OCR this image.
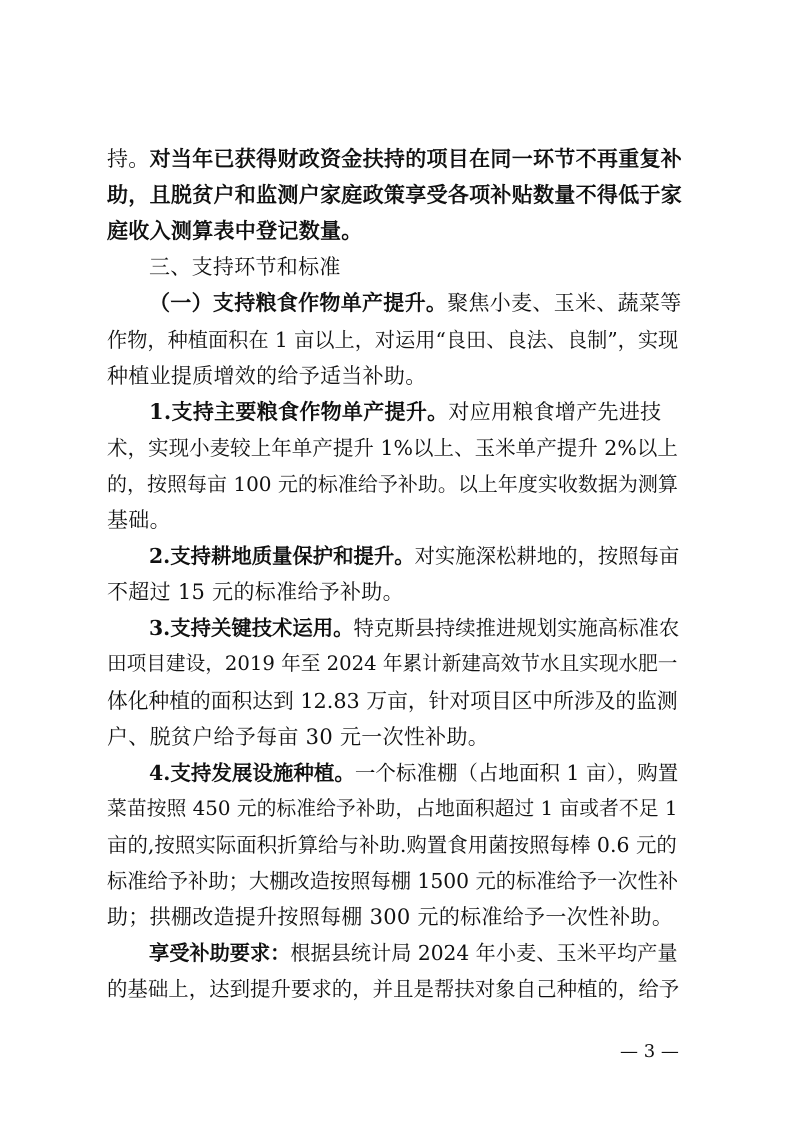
持。对当年已获得财政资金扶持的项目在同一环节不再重复补
助，且脱贫户和监测户家庭政策享受各项补贴数量不得低于家
庭收入测算表中登记数量。
三、支持环节和标准
（一）支持粮食作物单产提升。聚焦小麦、玉米、蔬菜等
作物，种植面积在 1 亩以上，对运用“良田、良法、良制”，实现
种植业提质增效的给予适当补助。
1.支持主要粮食作物单产提升。对应用粮食增产先进技
术，实现小麦较上年单产提升 1%以上、玉米单产提升 2%以上
的，按照每亩 100 元的标准给予补助。以上年度实收数据为测算
基础。
2.支持耕地质量保护和提升。对实施深松耕地的，按照每亩
不超过 15 元的标准给予补助。
3.支持关键技术运用。特克斯县持续推进规划实施高标准农
田项目建设，2019 年至 2024 年累计新建高效节水且实现水肥一
体化种植的面积达到 12.83 万亩，针对项目区中所涉及的监测
户、脱贫户给予每亩 30 元一次性补助。
4.支持发展设施种植。一个标准棚（占地面积 1 亩），购置
菜苗按照 450 元的标准给予补助，占地面积超过 1 亩或者不足 1
亩的,按照实际面积折算给与补助.购置食用菌按照每棒 0.6 元的
标准给予补助；大棚改造按照每棚 1500 元的标准给予一次性补
助；拱棚改造提升按照每棚 300 元的标准给予一次性补助。
享受补助要求：根据县统计局 2024 年小麦、玉米平均产量
的基础上，达到提升要求的，并且是帮扶对象自己种植的，给予
— 3 —
